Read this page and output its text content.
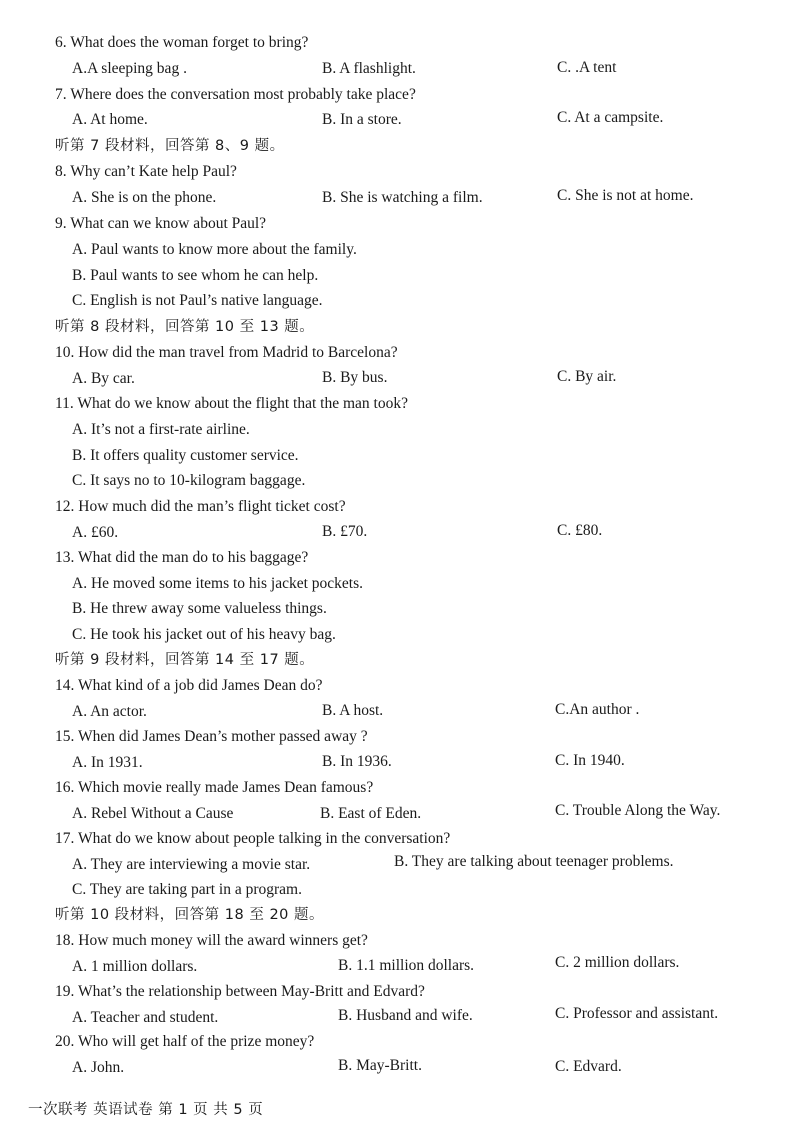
6. What does the woman forget to bring?
A.A sleeping bag .	B. A flashlight.	C. .A tent
7. Where does the conversation most probably take place?
A. At home.	B. In a store.	C. At a campsite.
听第 7 段材料，回答第 8、9 题。
8. Why can’t Kate help Paul?
A. She is on the phone.	B. She is watching a film.	C. She is not at home.
9. What can we know about Paul?
A. Paul wants to know more about the family.
B. Paul wants to see whom he can help.
C. English is not Paul’s native language.
听第 8 段材料，回答第 10 至 13 题。
10. How did the man travel from Madrid to Barcelona?
A. By car.	B. By bus.	C. By air.
11. What do we know about the flight that the man took?
A. It’s not a first-rate airline.
B. It offers quality customer service.
C. It says no to 10-kilogram baggage.
12. How much did the man’s flight ticket cost?
A. £60.	B. £70.	C. £80.
13. What did the man do to his baggage?
A. He moved some items to his jacket pockets.
B. He threw away some valueless things.
C. He took his jacket out of his heavy bag.
听第 9 段材料，回答第 14 至 17 题。
14. What kind of a job did James Dean do?
A. An actor.	B. A host.	C.An author .
15. When did James Dean’s mother passed away ?
A. In 1931.	B. In 1936.	C. In 1940.
16. Which movie really made James Dean famous?
A. Rebel Without a Cause	B. East of Eden.	C. Trouble Along the Way.
17. What do we know about people talking in the conversation?
A. They are interviewing a movie star.	B. They are talking about teenager problems.
C. They are taking part in a program.
听第 10 段材料，回答第 18 至 20 题。
18. How much money will the award winners get?
A. 1 million dollars.	B. 1.1 million dollars.	C. 2 million dollars.
19. What’s the relationship between May-Britt and Edvard?
A. Teacher and student.	B. Husband and wife.	C. Professor and assistant.
20. Who will get half of the prize money?
A. John.	B. May-Britt.	C. Edvard.
一次联考 英语试卷 第 1 页 共 5 页
